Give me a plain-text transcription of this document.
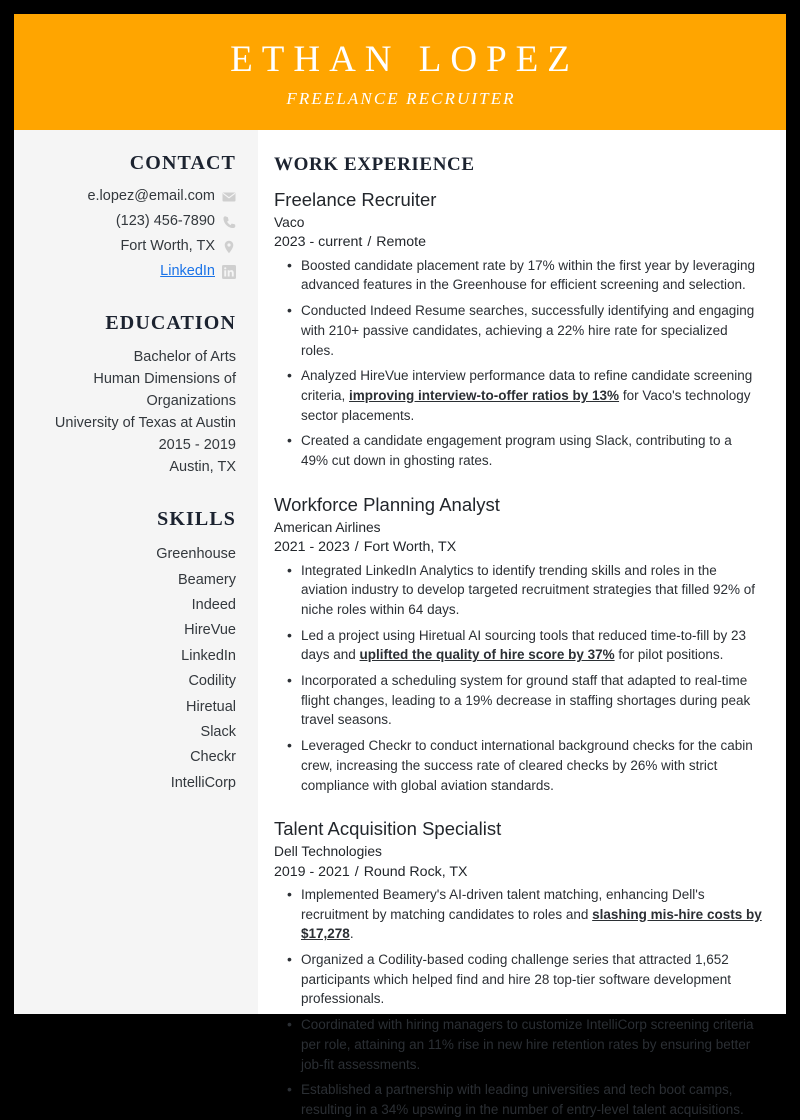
ETHAN LOPEZ
FREELANCE RECRUITER
CONTACT
e.lopez@email.com
(123) 456-7890
Fort Worth, TX
LinkedIn
EDUCATION
Bachelor of Arts
Human Dimensions of
Organizations
University of Texas at Austin
2015 - 2019
Austin, TX
SKILLS
Greenhouse
Beamery
Indeed
HireVue
LinkedIn
Codility
Hiretual
Slack
Checkr
IntelliCorp
WORK EXPERIENCE
Freelance Recruiter
Vaco
2023 - current / Remote
• Boosted candidate placement rate by 17% within the first year by leveraging advanced features in the Greenhouse for efficient screening and selection.
• Conducted Indeed Resume searches, successfully identifying and engaging with 210+ passive candidates, achieving a 22% hire rate for specialized roles.
• Analyzed HireVue interview performance data to refine candidate screening criteria, improving interview-to-offer ratios by 13% for Vaco's technology sector placements.
• Created a candidate engagement program using Slack, contributing to a 49% cut down in ghosting rates.
Workforce Planning Analyst
American Airlines
2021 - 2023 / Fort Worth, TX
• Integrated LinkedIn Analytics to identify trending skills and roles in the aviation industry to develop targeted recruitment strategies that filled 92% of niche roles within 64 days.
• Led a project using Hiretual AI sourcing tools that reduced time-to-fill by 23 days and uplifted the quality of hire score by 37% for pilot positions.
• Incorporated a scheduling system for ground staff that adapted to real-time flight changes, leading to a 19% decrease in staffing shortages during peak travel seasons.
• Leveraged Checkr to conduct international background checks for the cabin crew, increasing the success rate of cleared checks by 26% with strict compliance with global aviation standards.
Talent Acquisition Specialist
Dell Technologies
2019 - 2021 / Round Rock, TX
• Implemented Beamery's AI-driven talent matching, enhancing Dell's recruitment by matching candidates to roles and slashing mis-hire costs by $17,278.
• Organized a Codility-based coding challenge series that attracted 1,652 participants which helped find and hire 28 top-tier software development professionals.
• Coordinated with hiring managers to customize IntelliCorp screening criteria per role, attaining an 11% rise in new hire retention rates by ensuring better job-fit assessments.
• Established a partnership with leading universities and tech boot camps, resulting in a 34% upswing in the number of entry-level talent acquisitions.
